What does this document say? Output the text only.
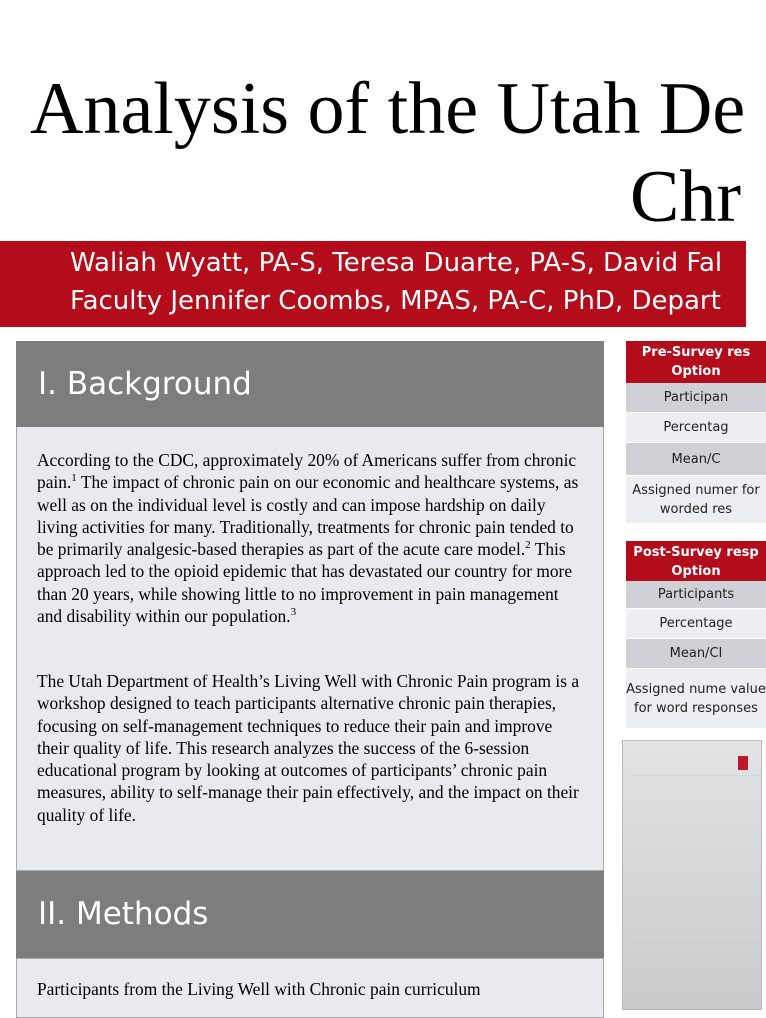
Analysis of the Utah De
Chr
Waliah Wyatt, PA-S, Teresa Duarte, PA-S, David Fal
Faculty Jennifer Coombs, MPAS, PA-C, PhD, Depart
I. Background

According to the CDC, approximately 20% of Americans suffer from chronic pain.$^1$ The impact of chronic pain on our economic and healthcare systems, as well as on the individual level is costly and can impose hardship on daily living activities for many. Traditionally, treatments for chronic pain tended to be primarily analgesic-based therapies as part of the acute care model.$^2$ This approach led to the opioid epidemic that has devastated our country for more than 20 years, while showing little to no improvement in pain management and disability within our population.$^3$

The Utah Department of Health’s Living Well with Chronic Pain program is a workshop designed to teach participants alternative chronic pain therapies, focusing on self-management techniques to reduce their pain and improve their quality of life. This research analyzes the success of the 6-session educational program by looking at outcomes of participants’ chronic pain measures, ability to self-manage their pain effectively, and the impact on their quality of life.

II. Methods

Participants from the Living Well with Chronic pain curriculum

Pre-Survey res Option
Participan
Percentag
Mean/C
Assigned numer for worded res
Post-Survey resp Option
Participants
Percentage
Mean/CI
Assigned nume value for word responses
